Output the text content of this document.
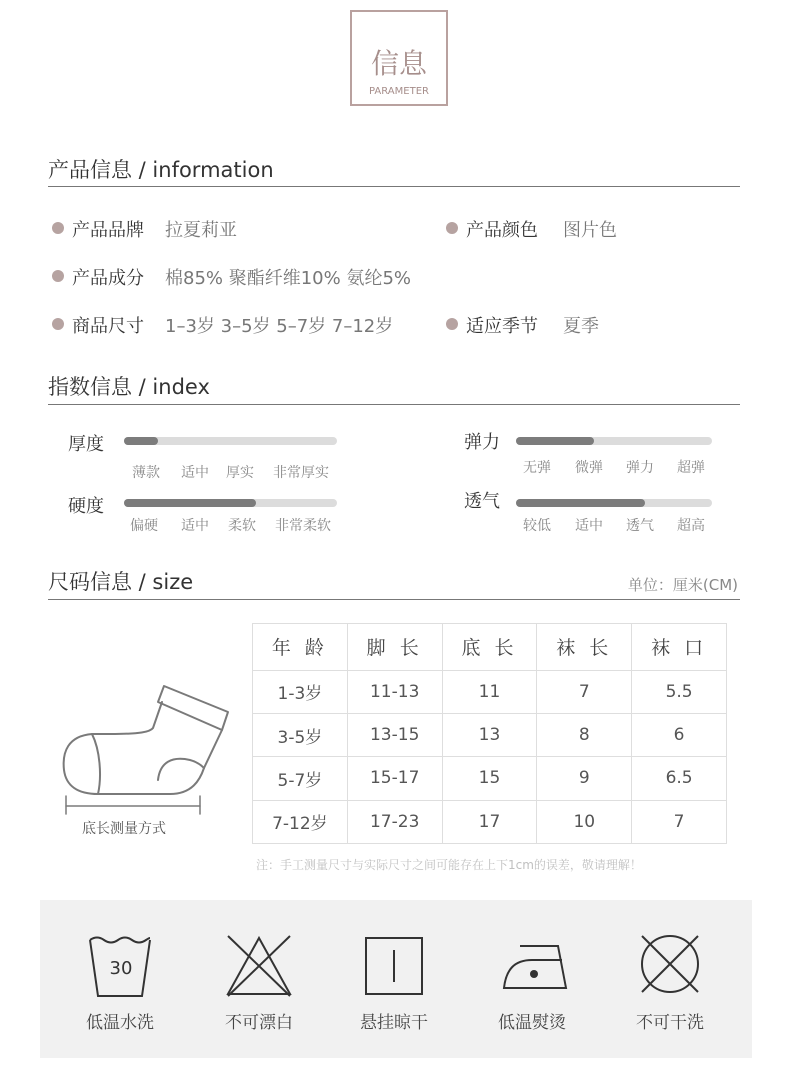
信息
PARAMETER
产品信息 / information
产品品牌 拉夏莉亚	产品颜色 图片色
产品成分 棉85% 聚酯纤维10% 氨纶5%
商品尺寸 1–3岁 3–5岁 5–7岁 7–12岁	适应季节 夏季
指数信息 / index
厚度
薄款 适中 厚实 非常厚实
弹力
无弹 微弹 弹力 超弹
硬度
偏硬 适中 柔软 非常柔软
透气
较低 适中 透气 超高
尺码信息 / size	单位：厘米(CM)
底长测量方式
年 龄	脚 长	底 长	袜 长	袜 口
1-3岁	11-13	11	7	5.5
3-5岁	13-15	13	8	6
5-7岁	15-17	15	9	6.5
7-12岁	17-23	17	10	7
注：手工测量尺寸与实际尺寸之间可能存在上下1cm的误差，敬请理解！
30
低温水洗	不可漂白	悬挂晾干	低温熨烫	不可干洗
